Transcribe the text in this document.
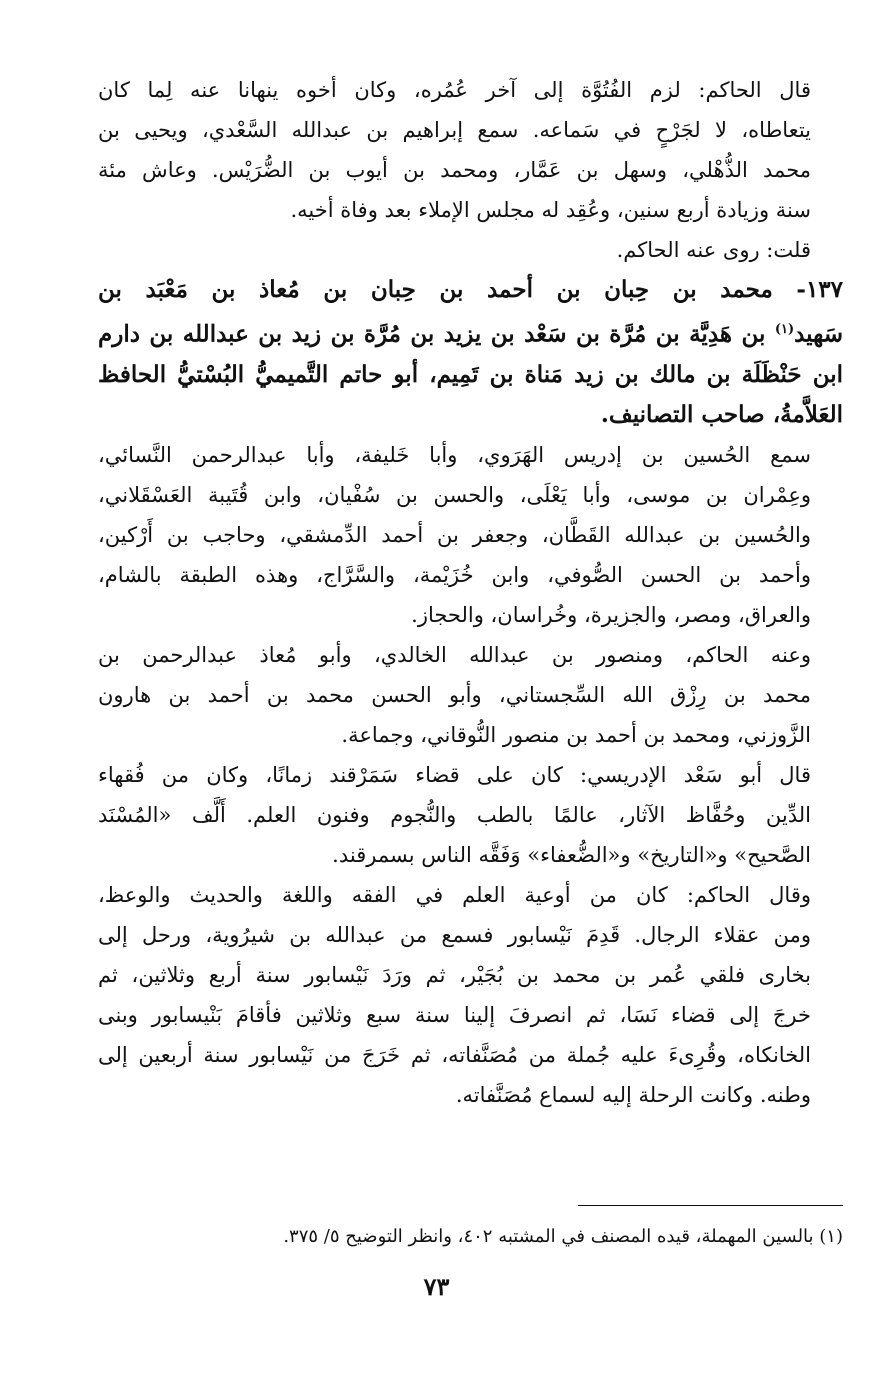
قال الحاكم: لزم الفُتُوَّة إلى آخر عُمُره، وكان أخوه ينهانا عنه لِما كان
يتعاطاه، لا لجَرْحٍ في سَماعه. سمع إبراهيم بن عبدالله السَّعْدي، ويحيى بن
محمد الذُّهْلي، وسهل بن عَمَّار، ومحمد بن أيوب بن الضُّرَيْس. وعاش مئة
سنة وزيادة أربع سنين، وعُقِد له مجلس الإملاء بعد وفاة أخيه.

قلت: روى عنه الحاكم.

١٣٧- محمد بن حِبان بن أحمد بن حِبان بن مُعاذ بن مَعْبَد بن
سَهيد$^{(١)}$ بن هَدِيَّة بن مُرَّة بن سَعْد بن يزيد بن مُرَّة بن زيد بن عبدالله بن دارم
ابن حَنْظَلَة بن مالك بن زيد مَناة بن تَمِيم، أبو حاتم التَّميميُّ البُسْتيُّ الحافظ
العَلاَّمةُ، صاحب التصانيف.

سمع الحُسين بن إدريس الهَرَوي، وأبا خَليفة، وأبا عبدالرحمن النَّسائي،
وعِمْران بن موسى، وأبا يَعْلَى، والحسن بن سُفْيان، وابن قُتَيبة العَسْقَلاني،
والحُسين بن عبدالله القَطَّان، وجعفر بن أحمد الدِّمشقي، وحاجب بن أَرْكين،
وأحمد بن الحسن الصُّوفي، وابن خُزَيْمة، والسَّرَّاج، وهذه الطبقة بالشام،
والعراق، ومصر، والجزيرة، وخُراسان، والحجاز.

وعنه الحاكم، ومنصور بن عبدالله الخالدي، وأبو مُعاذ عبدالرحمن بن
محمد بن رِزْق الله السِّجستاني، وأبو الحسن محمد بن أحمد بن هارون
الزَّوزني، ومحمد بن أحمد بن منصور النُّوقاني، وجماعة.

قال أبو سَعْد الإدريسي: كان على قضاء سَمَرْقند زمانًا، وكان من فُقهاء
الدِّين وحُفَّاظ الآثار، عالمًا بالطب والنُّجوم وفنون العلم. أَلَّف «المُسْنَد
الصَّحيح» و«التاريخ» و«الضُّعفاء» وَفَقَّه الناس بسمرقند.

وقال الحاكم: كان من أوعية العلم في الفقه واللغة والحديث والوعظ،
ومن عقلاء الرجال. قَدِمَ نَيْسابور فسمع من عبدالله بن شيرُوية، ورحل إلى
بخارى فلقي عُمر بن محمد بن بُجَيْر، ثم ورَدَ نَيْسابور سنة أربع وثلاثين، ثم
خرجَ إلى قضاء نَسَا، ثم انصرفَ إلينا سنة سبع وثلاثين فأقامَ بَنْيسابور وبنى
الخانكاه، وقُرِىءَ عليه جُملة من مُصَنَّفاته، ثم خَرَجَ من نَيْسابور سنة أربعين إلى
وطنه. وكانت الرحلة إليه لسماع مُصَنَّفاته.

(١) بالسين المهملة، قيده المصنف في المشتبه ٤٠٢، وانظر التوضيح ٥/ ٣٧٥.
٧٣
